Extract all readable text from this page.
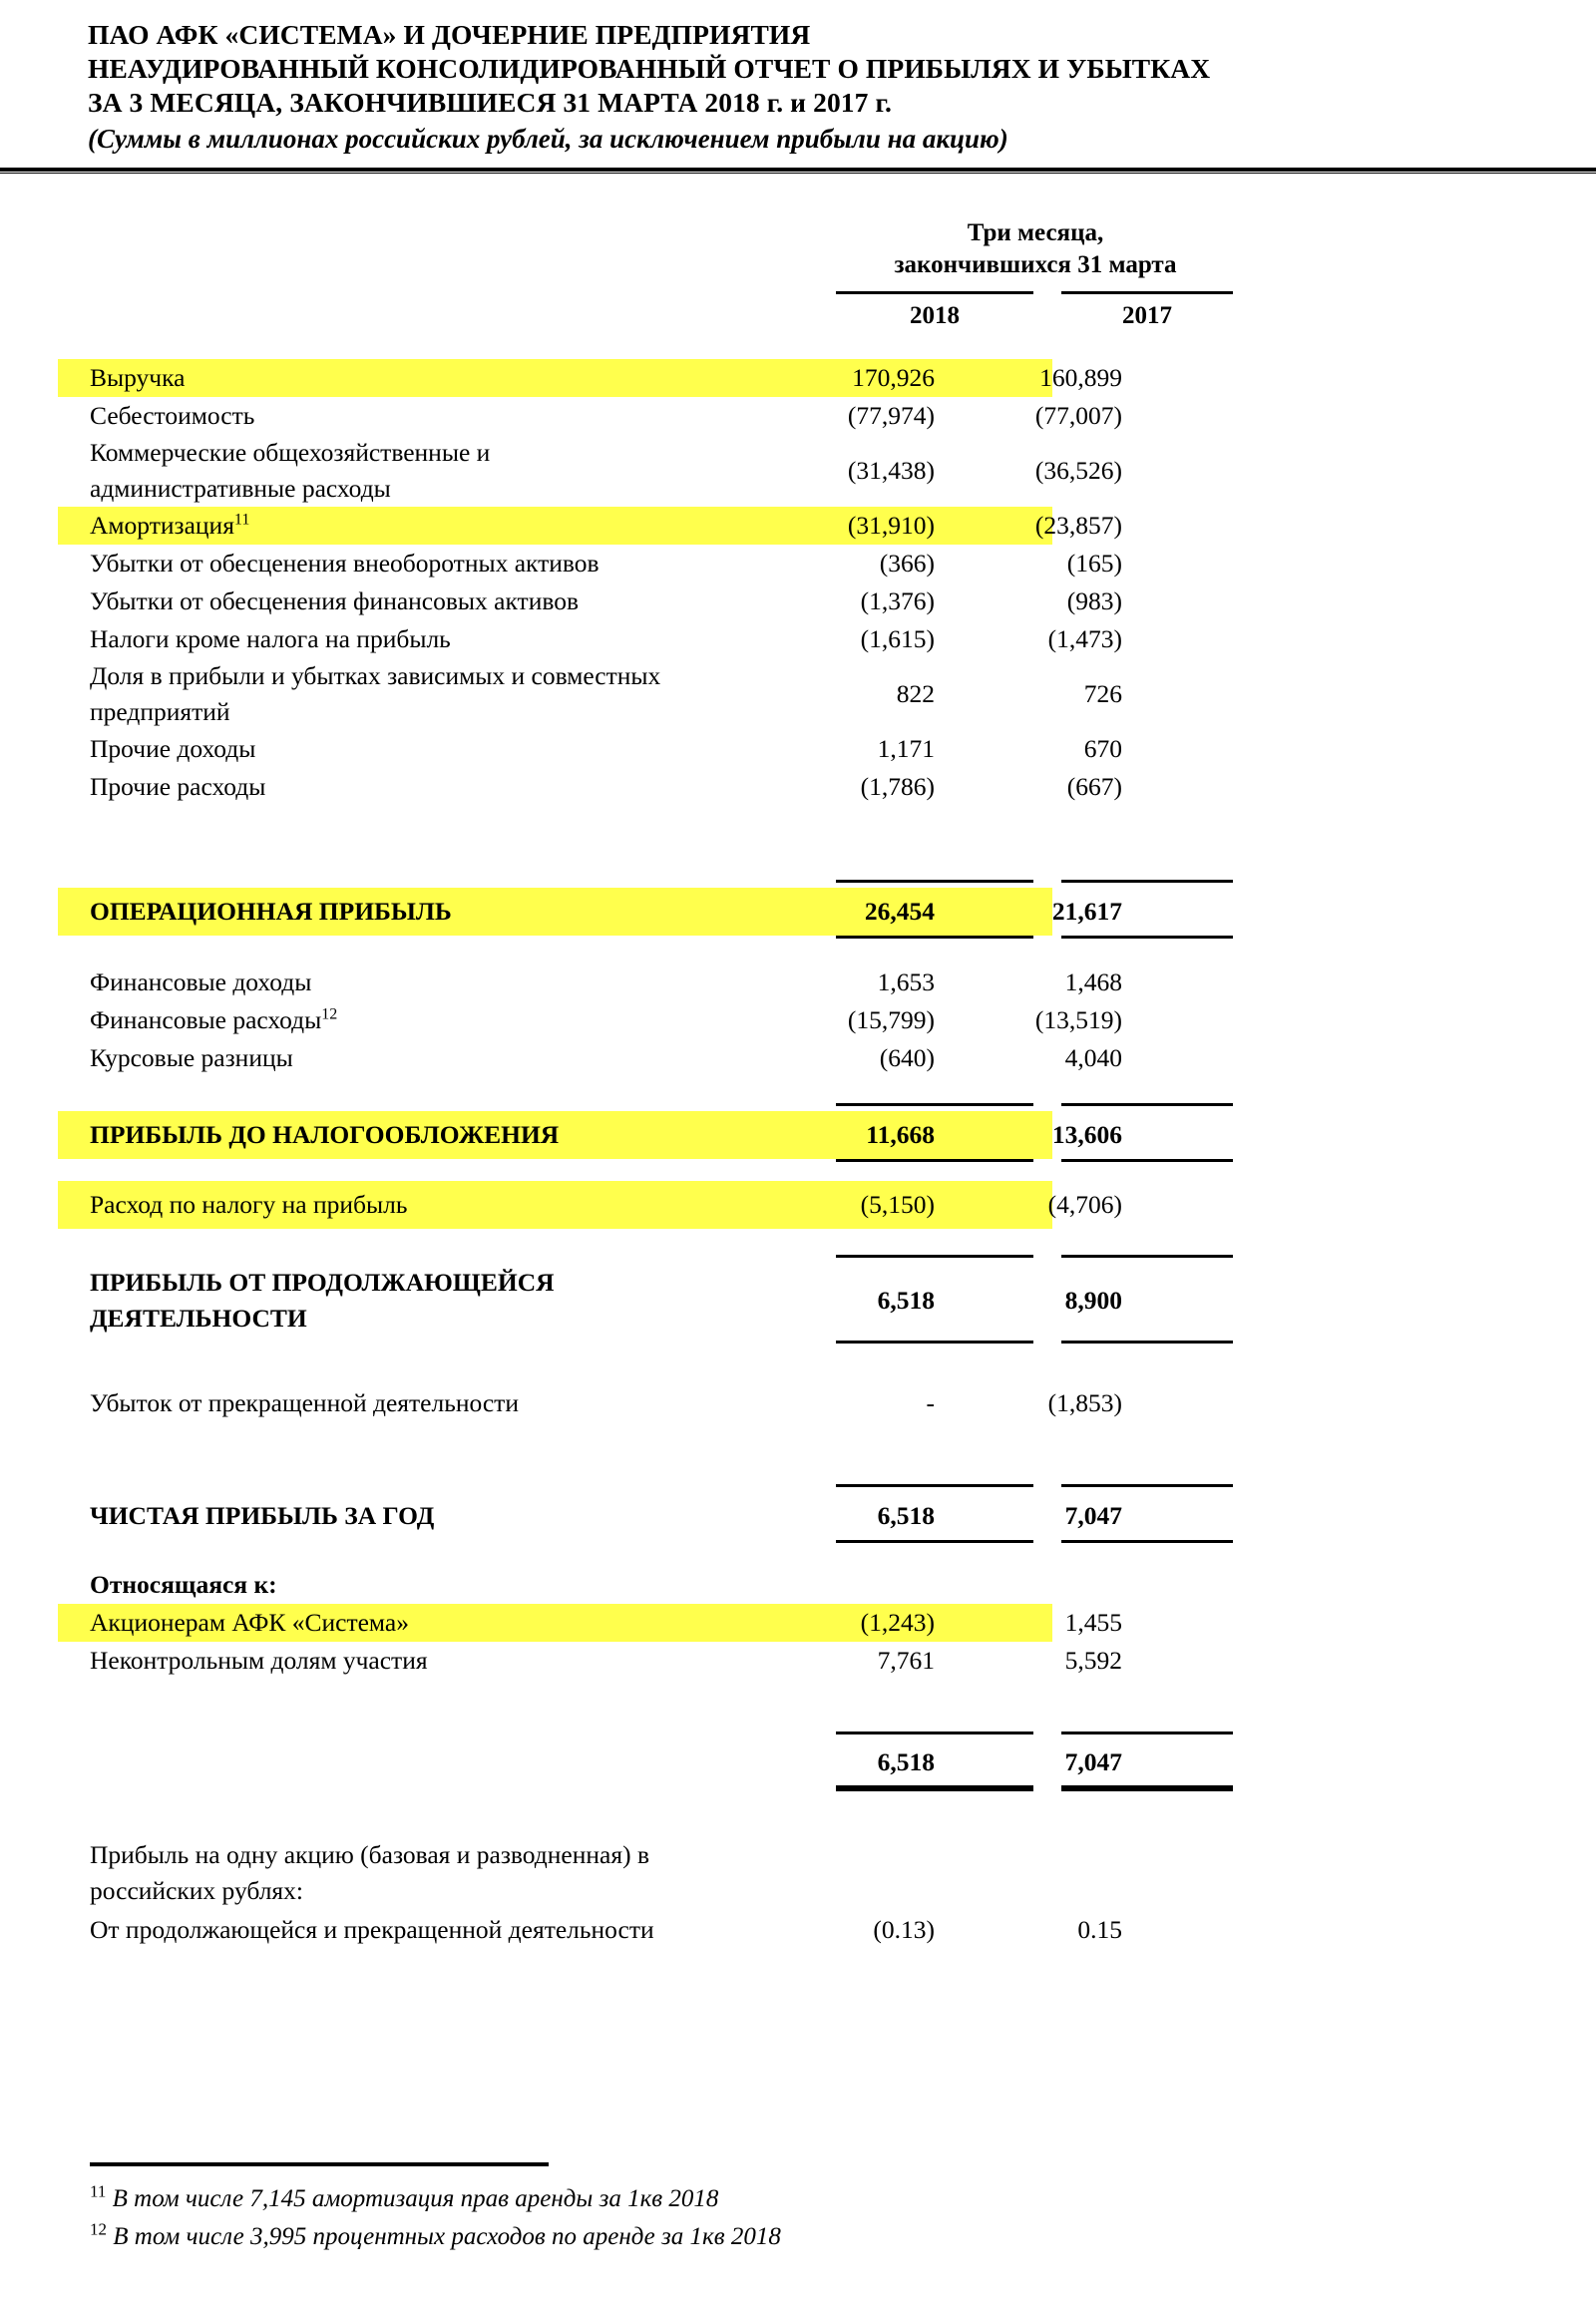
ПАО АФК «СИСТЕМА» И ДОЧЕРНИЕ ПРЕДПРИЯТИЯ
НЕАУДИРОВАННЫЙ КОНСОЛИДИРОВАННЫЙ ОТЧЕТ О ПРИБЫЛЯХ И УБЫТКАХ
ЗА 3 МЕСЯЦА, ЗАКОНЧИВШИЕСЯ 31 МАРТА 2018 г. и 2017 г.
(Суммы в миллионах российских рублей, за исключением прибыли на акцию)
Три месяца,
закончившихся 31 марта
2018	2017
Выручка	170,926	160,899
Себестоимость	(77,974)	(77,007)
Коммерческие общехозяйственные и
административные расходы
(31,438)	(36,526)
Амортизация$^{11}$	(31,910)	(23,857)
Убытки от обесценения внеоборотных активов	(366)	(165)
Убытки от обесценения финансовых активов	(1,376)	(983)
Налоги кроме налога на прибыль	(1,615)	(1,473)
Доля в прибыли и убытках зависимых и совместных
предприятий
822	726
Прочие доходы	1,171	670
Прочие расходы	(1,786)	(667)
ОПЕРАЦИОННАЯ ПРИБЫЛЬ	26,454	21,617
Финансовые доходы	1,653	1,468
Финансовые расходы$^{12}$	(15,799)	(13,519)
Курсовые разницы	(640)	4,040
ПРИБЫЛЬ ДО НАЛОГООБЛОЖЕНИЯ	11,668	13,606
Расход по налогу на прибыль	(5,150)	(4,706)
ПРИБЫЛЬ ОТ ПРОДОЛЖАЮЩЕЙСЯ
ДЕЯТЕЛЬНОСТИ
6,518	8,900
Убыток от прекращенной деятельности	-	(1,853)
ЧИСТАЯ ПРИБЫЛЬ ЗА ГОД	6,518	7,047
Относящаяся к:
Акционерам АФК «Система»	(1,243)	1,455
Неконтрольным долям участия	7,761	5,592
6,518	7,047
Прибыль на одну акцию (базовая и разводненная) в
российских рублях:
От продолжающейся и прекращенной деятельности	(0.13)	0.15
$^{11}$ В том числе 7,145 амортизация прав аренды за 1кв 2018
$^{12}$ В том числе 3,995 процентных расходов по аренде за 1кв 2018
